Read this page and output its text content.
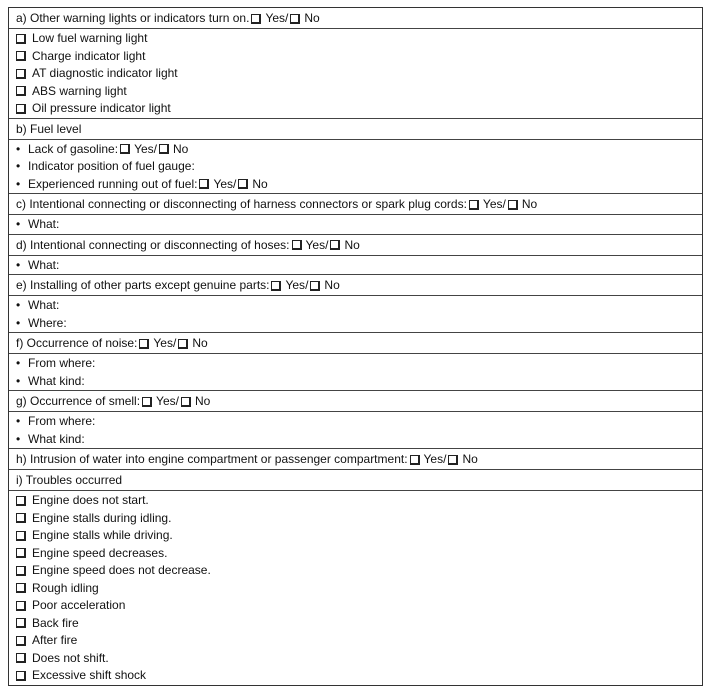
a) Other warning lights or indicators turn on. Yes / No
Low fuel warning light
Charge indicator light
AT diagnostic indicator light
ABS warning light
Oil pressure indicator light
b) Fuel level
• Lack of gasoline: Yes / No
• Indicator position of fuel gauge:
• Experienced running out of fuel: Yes / No
c) Intentional connecting or disconnecting of harness connectors or spark plug cords: Yes / No
• What:
d) Intentional connecting or disconnecting of hoses: Yes / No
• What:
e) Installing of other parts except genuine parts: Yes / No
• What:
• Where:
f) Occurrence of noise: Yes / No
• From where:
• What kind:
g) Occurrence of smell: Yes / No
• From where:
• What kind:
h) Intrusion of water into engine compartment or passenger compartment: Yes / No
i) Troubles occurred
Engine does not start.
Engine stalls during idling.
Engine stalls while driving.
Engine speed decreases.
Engine speed does not decrease.
Rough idling
Poor acceleration
Back fire
After fire
Does not shift.
Excessive shift shock
